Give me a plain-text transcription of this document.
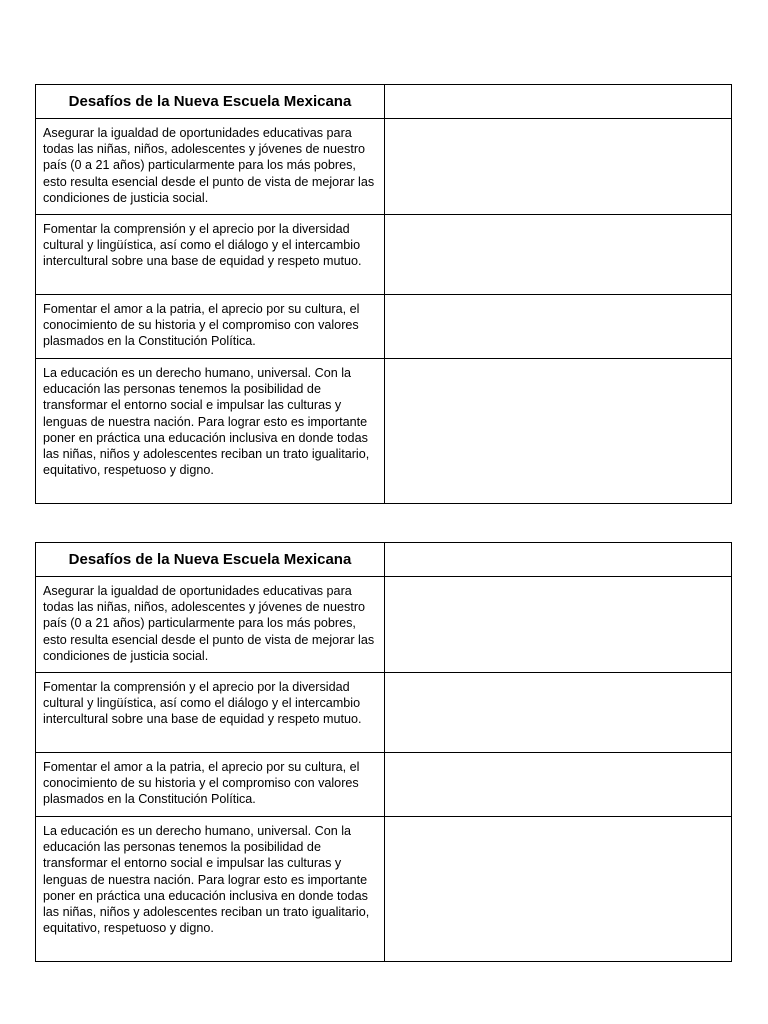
Desafíos de la Nueva Escuela Mexicana	
Asegurar la igualdad de oportunidades educativas para todas las niñas, niños, adolescentes y jóvenes de nuestro país (0 a 21 años) particularmente para los más pobres, esto resulta esencial desde el punto de vista de mejorar las condiciones de justicia social.	
Fomentar la comprensión y el aprecio por la diversidad cultural y lingüística, así como el diálogo y el intercambio intercultural sobre una base de equidad y respeto mutuo.	
Fomentar el amor a la patria, el aprecio por su cultura, el conocimiento de su historia y el compromiso con valores plasmados en la Constitución Política.	
La educación es un derecho humano, universal. Con la educación las personas tenemos la posibilidad de transformar el entorno social e impulsar las culturas y lenguas de nuestra nación. Para lograr esto es importante poner en práctica una educación inclusiva en donde todas las niñas, niños y adolescentes reciban un trato igualitario, equitativo, respetuoso y digno.	
Desafíos de la Nueva Escuela Mexicana	
Asegurar la igualdad de oportunidades educativas para todas las niñas, niños, adolescentes y jóvenes de nuestro país (0 a 21 años) particularmente para los más pobres, esto resulta esencial desde el punto de vista de mejorar las condiciones de justicia social.	
Fomentar la comprensión y el aprecio por la diversidad cultural y lingüística, así como el diálogo y el intercambio intercultural sobre una base de equidad y respeto mutuo.	
Fomentar el amor a la patria, el aprecio por su cultura, el conocimiento de su historia y el compromiso con valores plasmados en la Constitución Política.	
La educación es un derecho humano, universal. Con la educación las personas tenemos la posibilidad de transformar el entorno social e impulsar las culturas y lenguas de nuestra nación. Para lograr esto es importante poner en práctica una educación inclusiva en donde todas las niñas, niños y adolescentes reciban un trato igualitario, equitativo, respetuoso y digno.	
